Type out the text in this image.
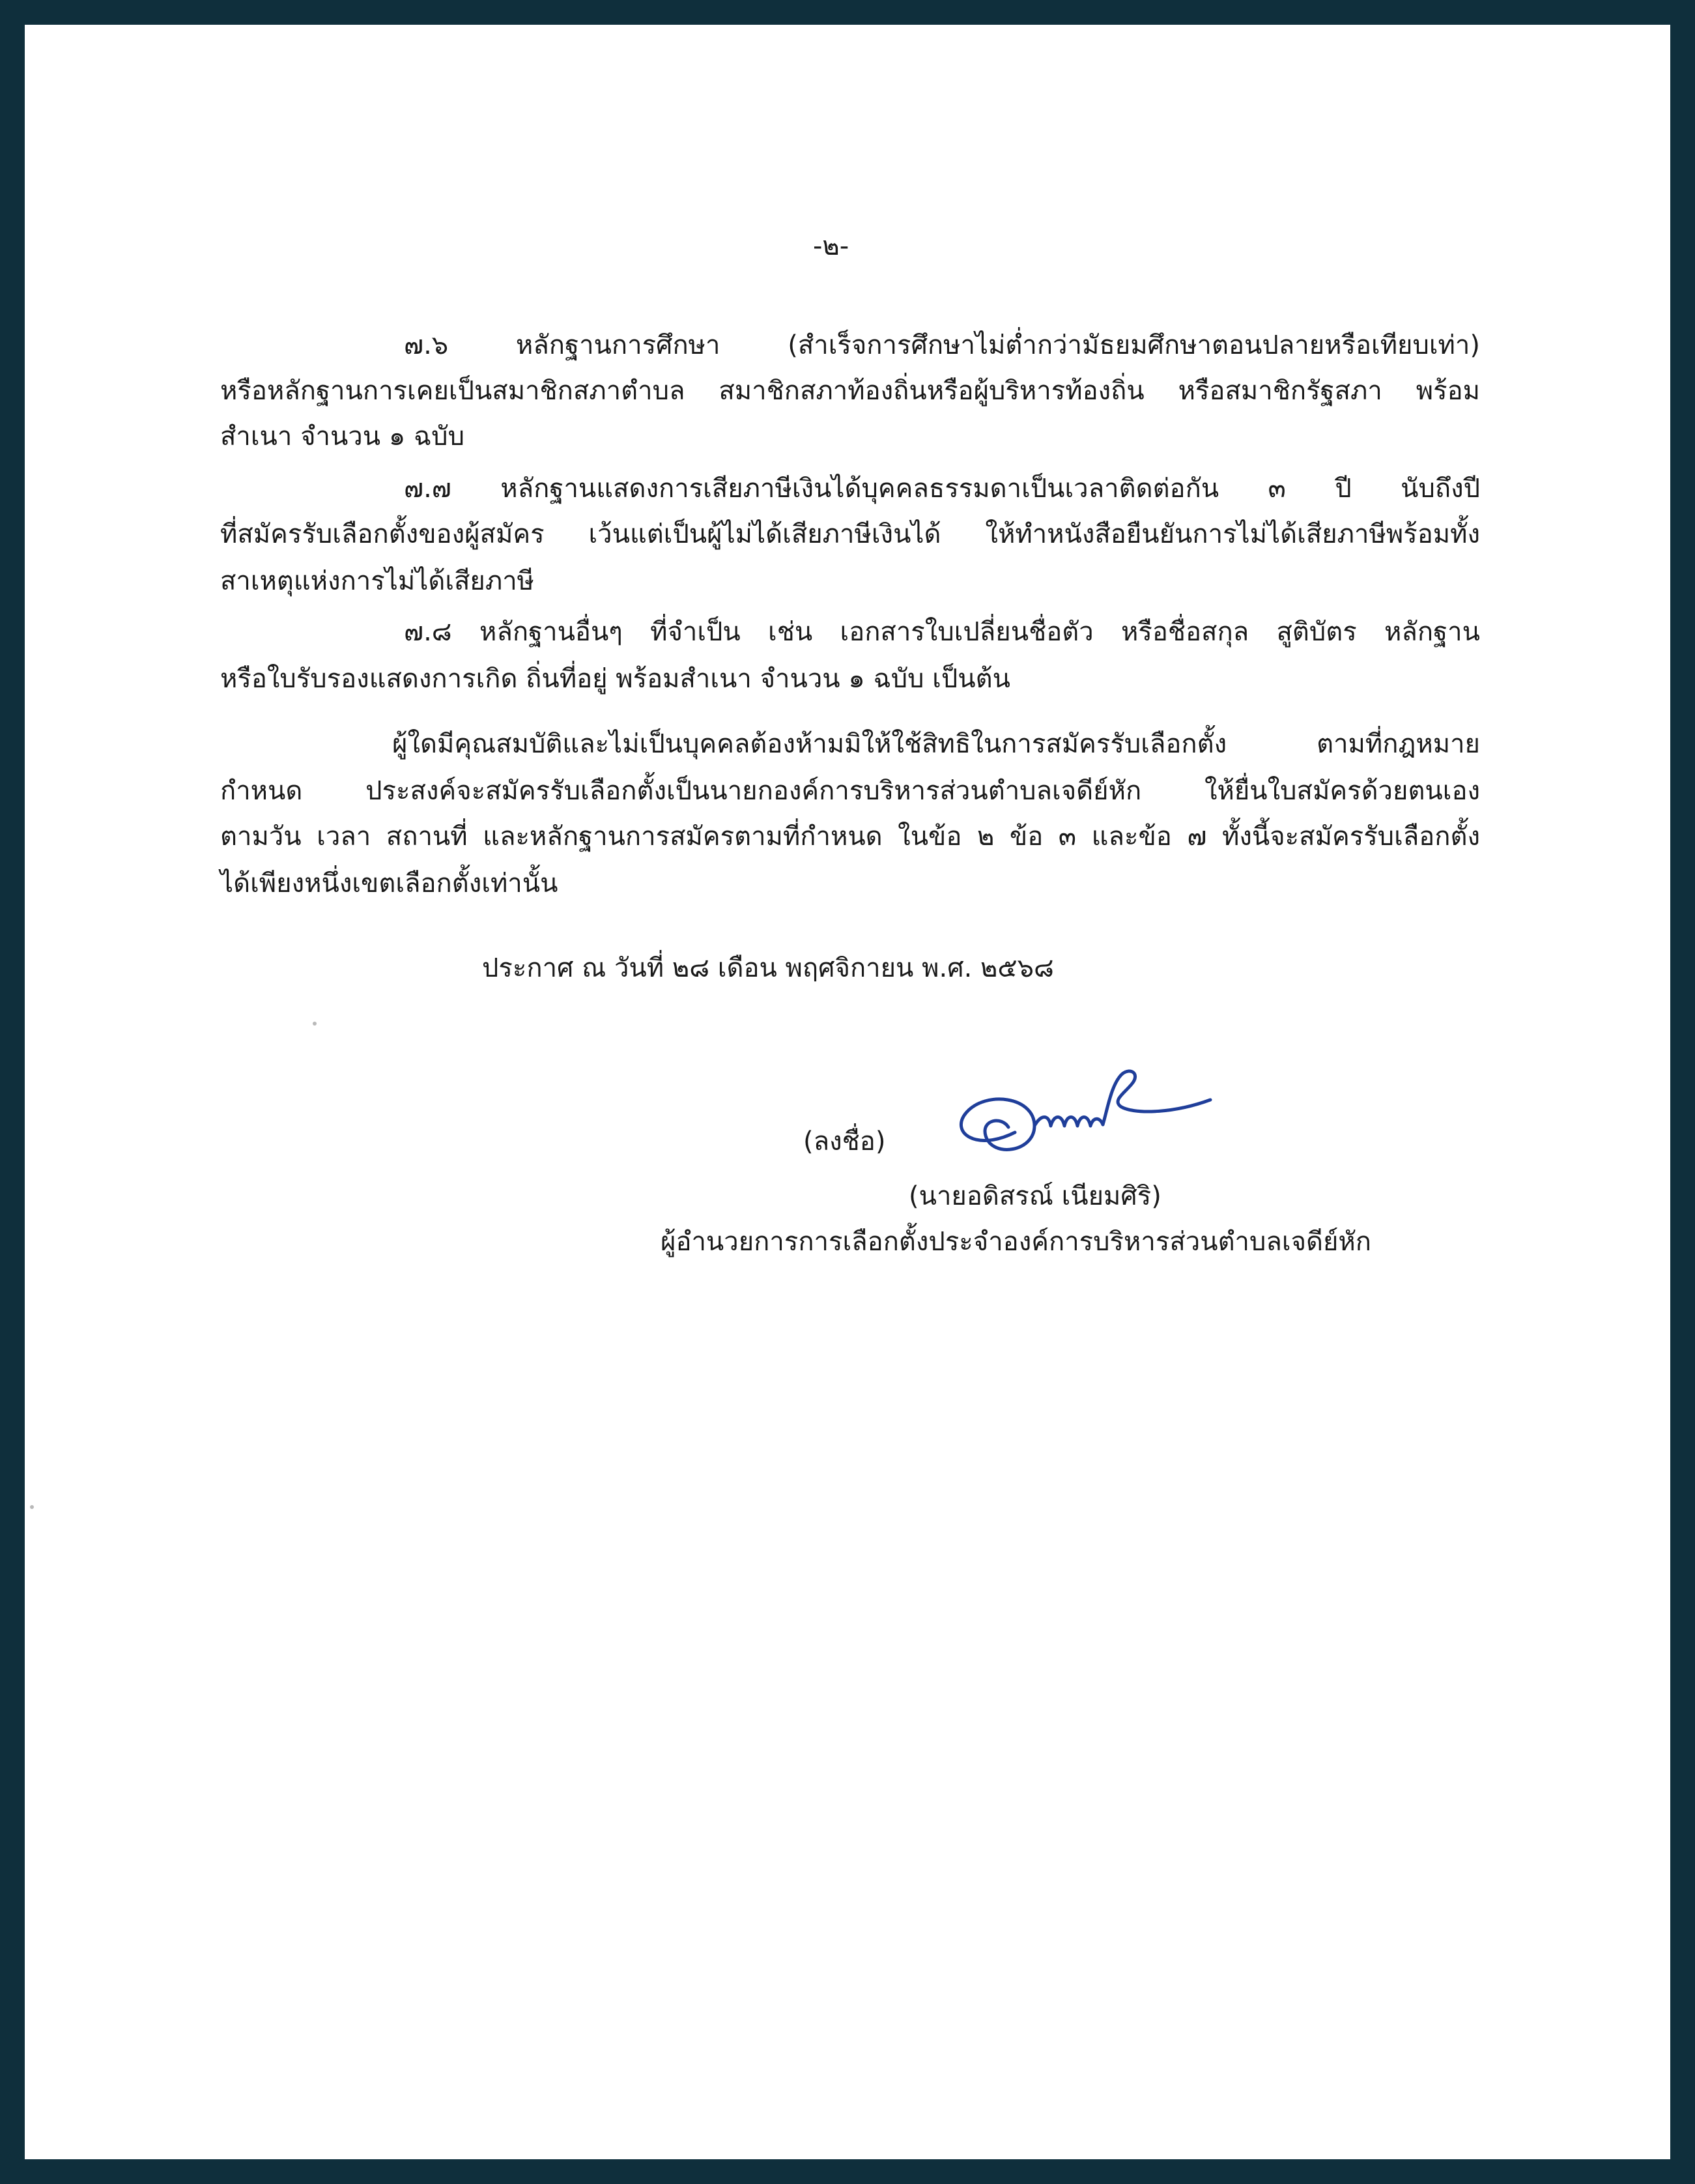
-๒-
๗.๖ หลักฐานการศึกษา (สำเร็จการศึกษาไม่ต่ำกว่ามัธยมศึกษาตอนปลายหรือเทียบเท่า)
หรือหลักฐานการเคยเป็นสมาชิกสภาตำบล สมาชิกสภาท้องถิ่นหรือผู้บริหารท้องถิ่น หรือสมาชิกรัฐสภา พร้อม
สำเนา จำนวน ๑ ฉบับ
๗.๗ หลักฐานแสดงการเสียภาษีเงินได้บุคคลธรรมดาเป็นเวลาติดต่อกัน ๓ ปี นับถึงปี
ที่สมัครรับเลือกตั้งของผู้สมัคร เว้นแต่เป็นผู้ไม่ได้เสียภาษีเงินได้ ให้ทำหนังสือยืนยันการไม่ได้เสียภาษีพร้อมทั้ง
สาเหตุแห่งการไม่ได้เสียภาษี
๗.๘ หลักฐานอื่นๆ ที่จำเป็น เช่น เอกสารใบเปลี่ยนชื่อตัว หรือชื่อสกุล สูติบัตร หลักฐาน
หรือใบรับรองแสดงการเกิด ถิ่นที่อยู่ พร้อมสำเนา จำนวน ๑ ฉบับ เป็นต้น
ผู้ใดมีคุณสมบัติและไม่เป็นบุคคลต้องห้ามมิให้ใช้สิทธิในการสมัครรับเลือกตั้ง ตามที่กฎหมาย
กำหนด ประสงค์จะสมัครรับเลือกตั้งเป็นนายกองค์การบริหารส่วนตำบลเจดีย์หัก ให้ยื่นใบสมัครด้วยตนเอง
ตามวัน เวลา สถานที่ และหลักฐานการสมัครตามที่กำหนด ในข้อ ๒ ข้อ ๓ และข้อ ๗ ทั้งนี้จะสมัครรับเลือกตั้ง
ได้เพียงหนึ่งเขตเลือกตั้งเท่านั้น
ประกาศ ณ วันที่ ๒๘ เดือน พฤศจิกายน พ.ศ. ๒๕๖๘
(ลงชื่อ)
(นายอดิสรณ์ เนียมศิริ)
ผู้อำนวยการการเลือกตั้งประจำองค์การบริหารส่วนตำบลเจดีย์หัก
